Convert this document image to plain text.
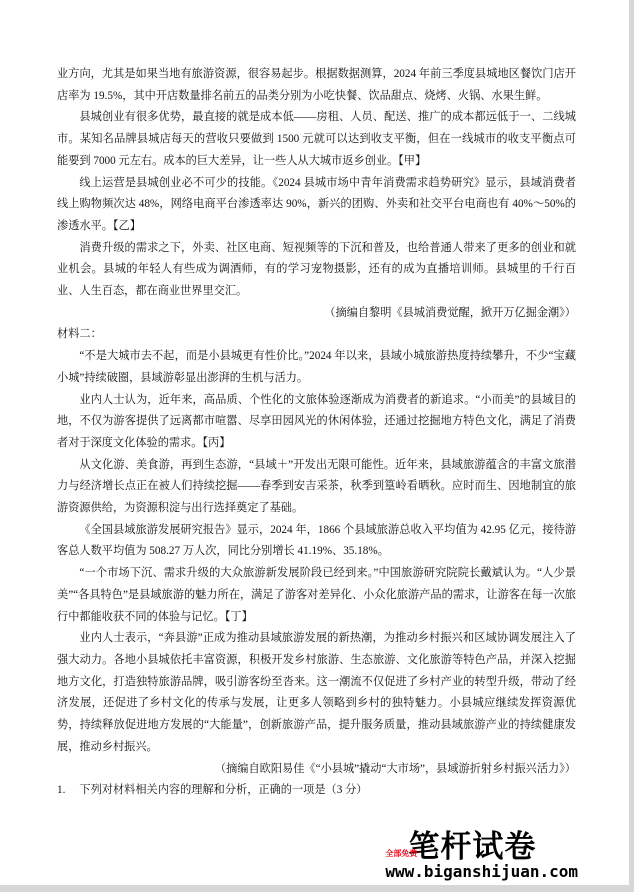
业方向，尤其是如果当地有旅游资源，很容易起步。根据数据测算，2024 年前三季度县城地区餐饮门店开店率为 19.5%，其中开店数量排名前五的品类分别为小吃快餐、饮品甜点、烧烤、火锅、水果生鲜。

县城创业有很多优势，最直接的就是成本低——房租、人员、配送、推广的成本都远低于一、二线城市。某知名品牌县城店每天的营收只要做到 1500 元就可以达到收支平衡，但在一线城市的收支平衡点可能要到 7000 元左右。成本的巨大差异，让一些人从大城市返乡创业。【甲】

线上运营是县城创业必不可少的技能。《2024 县城市场中青年消费需求趋势研究》显示，县域消费者线上购物频次达 48%，网络电商平台渗透率达 90%，新兴的团购、外卖和社交平台电商也有 40%～50%的渗透水平。【乙】

消费升级的需求之下，外卖、社区电商、短视频等的下沉和普及，也给普通人带来了更多的创业和就业机会。县城的年轻人有些成为调酒师，有的学习宠物摄影，还有的成为直播培训师。县城里的千行百业、人生百态，都在商业世界里交汇。

（摘编自黎明《县城消费觉醒，掀开万亿掘金潮》）

材料二：

“不是大城市去不起，而是小县城更有性价比。”2024 年以来，县域小城旅游热度持续攀升，不少“宝藏小城”持续破圈，县域游彰显出澎湃的生机与活力。

业内人士认为，近年来，高品质、个性化的文旅体验逐渐成为消费者的新追求。“小而美”的县域目的地，不仅为游客提供了远离都市喧嚣、尽享田园风光的休闲体验，还通过挖掘地方特色文化，满足了消费者对于深度文化体验的需求。【丙】

从文化游、美食游，再到生态游，“县域＋”开发出无限可能性。近年来，县域旅游蕴含的丰富文旅潜力与经济增长点正在被人们持续挖掘——春季到安吉采茶，秋季到篁岭看晒秋。应时而生、因地制宜的旅游资源供给，为资源积淀与出行选择奠定了基础。

《全国县域旅游发展研究报告》显示，2024 年，1866 个县域旅游总收入平均值为 42.95 亿元，接待游客总人数平均值为 508.27 万人次，同比分别增长 41.19%、35.18%。

“一个市场下沉、需求升级的大众旅游新发展阶段已经到来。”中国旅游研究院院长戴斌认为。“人少景美”“各具特色”是县域旅游的魅力所在，满足了游客对差异化、小众化旅游产品的需求，让游客在每一次旅行中都能收获不同的体验与记忆。【丁】

业内人士表示，“奔县游”正成为推动县域旅游发展的新热潮，为推动乡村振兴和区域协调发展注入了强大动力。各地小县城依托丰富资源，积极开发乡村旅游、生态旅游、文化旅游等特色产品，并深入挖掘地方文化，打造独特旅游品牌，吸引游客纷至沓来。这一潮流不仅促进了乡村产业的转型升级，带动了经济发展，还促进了乡村文化的传承与发展，让更多人领略到乡村的独特魅力。小县城应继续发挥资源优势，持续释放促进地方发展的“大能量”，创新旅游产品，提升服务质量，推动县域旅游产业的持续健康发展，推动乡村振兴。

（摘编自欧阳易佳《“小县城”撬动“大市场”，县域游折射乡村振兴活力》）

1. 下列对材料相关内容的理解和分析，正确的一项是（3 分）

全部免费
笔杆试卷
www.biganshijuan.com
